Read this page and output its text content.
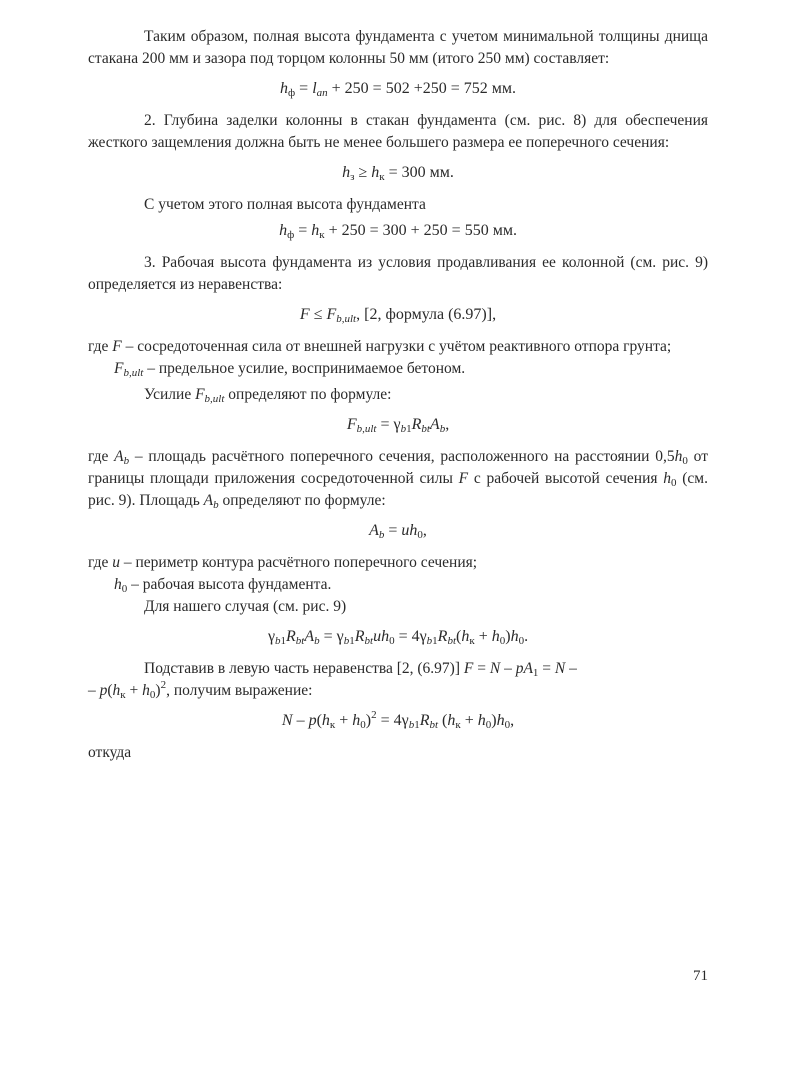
Таким образом, полная высота фундамента с учетом минимальной толщины днища стакана 200 мм и зазора под торцом колонны 50 мм (итого 250 мм) составляет:

$h_ф = l_{an} + 250 = 502 +250 = 752$ мм.

2. Глубина заделки колонны в стакан фундамента (см. рис. 8) для обеспечения жесткого защемления должна быть не менее большего размера ее поперечного сечения:

$h_з \ge h_к = 300$ мм.

С учетом этого полная высота фундамента

$h_ф = h_к + 250 = 300 + 250 = 550$ мм.

3. Рабочая высота фундамента из условия продавливания ее колонной (см. рис. 9) определяется из неравенства:

$F \le F_{b,ult}$, [2, формула (6.97)],

где F – сосредоточенная сила от внешней нагрузки с учётом реактивного отпора грунта;

$F_{b,ult}$ – предельное усилие, воспринимаемое бетоном.

Усилие $F_{b,ult}$ определяют по формуле:

$F_{b,ult} = \gamma_{b1}R_{bt}A_b$,

где $A_b$ – площадь расчётного поперечного сечения, расположенного на расстоянии $0,5h_0$ от границы площади приложения сосредоточенной силы F с рабочей высотой сечения $h_0$ (см. рис. 9). Площадь $A_b$ определяют по формуле:

$A_b = uh_0$,

где u – периметр контура расчётного поперечного сечения;

$h_0$ – рабочая высота фундамента.

Для нашего случая (см. рис. 9)

$\gamma_{b1}R_{bt}A_b = \gamma_{b1}R_{bt}uh_0 = 4\gamma_{b1}R_{bt}(h_к + h_0)h_0$.

Подставив в левую часть неравенства [2, (6.97)] $F = N - pA_1 = N$ –
– $p(h_к + h_0)^2$, получим выражение:

$N - p(h_к + h_0)^2 = 4\gamma_{b1}R_{bt}$ $(h_к + h_0)h_0$,

откуда

71
